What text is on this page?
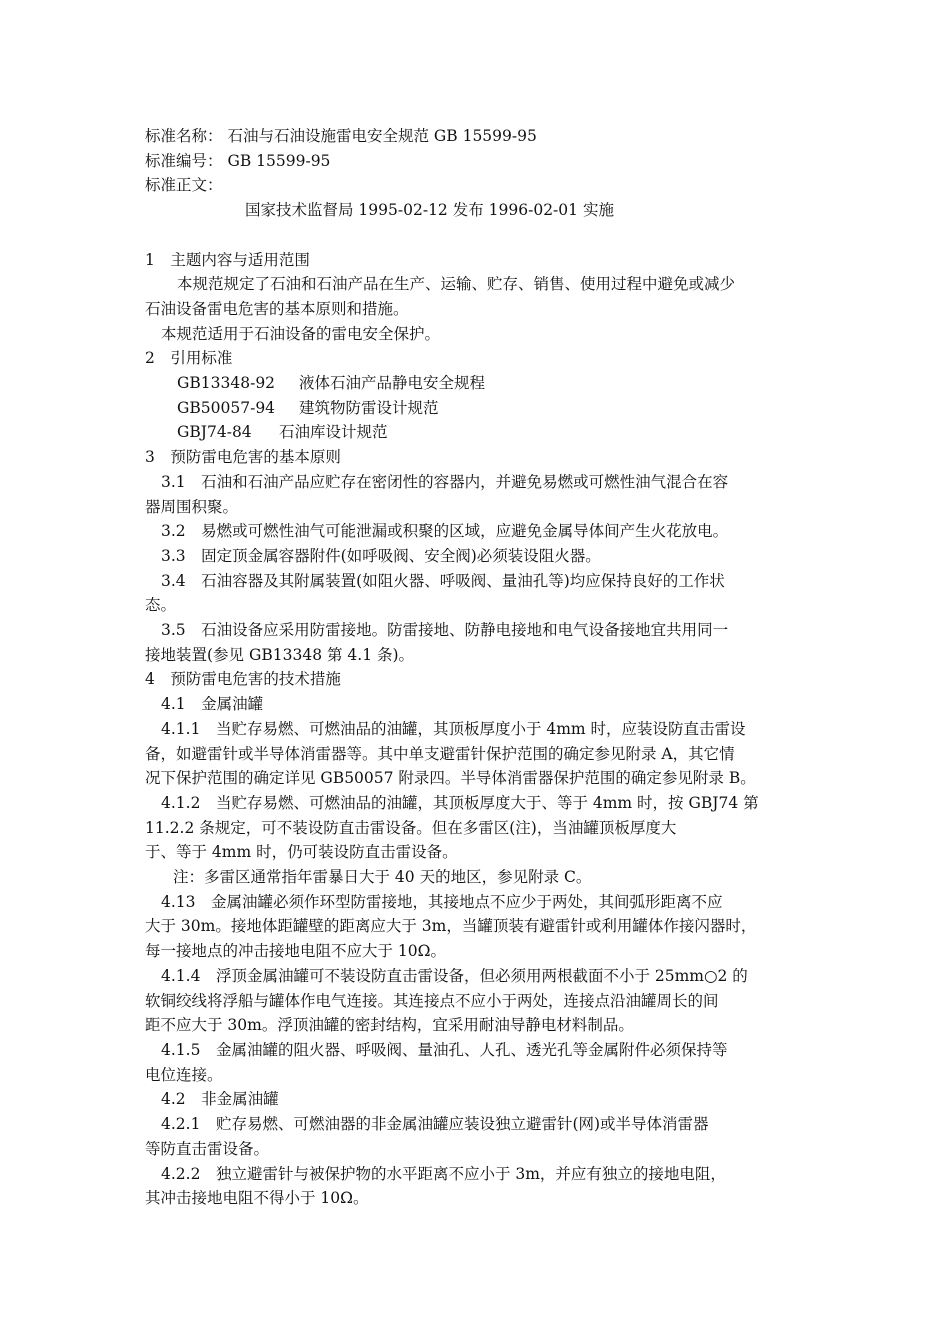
标准名称： 石油与石油设施雷电安全规范 GB 15599-95
标准编号： GB 15599-95
标准正文：
国家技术监督局 1995-02-12 发布 1996-02-01 实施
1　主题内容与适用范围
本规范规定了石油和石油产品在生产、运输、贮存、销售、使用过程中避免或减少
石油设备雷电危害的基本原则和措施。
本规范适用于石油设备的雷电安全保护。
2　引用标准
GB13348-92 液体石油产品静电安全规程
GB50057-94 建筑物防雷设计规范
GBJ74-84 石油库设计规范
3　预防雷电危害的基本原则
3.1　石油和石油产品应贮存在密闭性的容器内，并避免易燃或可燃性油气混合在容
器周围积聚。
3.2　易燃或可燃性油气可能泄漏或积聚的区域，应避免金属导体间产生火花放电。
3.3　固定顶金属容器附件(如呼吸阀、安全阀)必须装设阻火器。
3.4　石油容器及其附属装置(如阻火器、呼吸阀、量油孔等)均应保持良好的工作状
态。
3.5　石油设备应采用防雷接地。防雷接地、防静电接地和电气设备接地宜共用同一
接地装置(参见 GB13348 第 4.1 条)。
4　预防雷电危害的技术措施
4.1　金属油罐
4.1.1　当贮存易燃、可燃油品的油罐，其顶板厚度小于 4mm 时，应装设防直击雷设
备，如避雷针或半导体消雷器等。其中单支避雷针保护范围的确定参见附录 A，其它情
况下保护范围的确定详见 GB50057 附录四。半导体消雷器保护范围的确定参见附录 B。
4.1.2　当贮存易燃、可燃油品的油罐，其顶板厚度大于、等于 4mm 时，按 GBJ74 第
11.2.2 条规定，可不装设防直击雷设备。但在多雷区(注)，当油罐顶板厚度大
于、等于 4mm 时，仍可装设防直击雷设备。
注：多雷区通常指年雷暴日大于 40 天的地区，参见附录 C。
4.13　金属油罐必须作环型防雷接地，其接地点不应少于两处，其间弧形距离不应
大于 30m。接地体距罐壁的距离应大于 3m，当罐顶装有避雷针或利用罐体作接闪器时，
每一接地点的冲击接地电阻不应大于 10Ω。
4.1.4　浮顶金属油罐可不装设防直击雷设备，但必须用两根截面不小于 25mm○2 的
软铜绞线将浮船与罐体作电气连接。其连接点不应小于两处，连接点沿油罐周长的间
距不应大于 30m。浮顶油罐的密封结构，宜采用耐油导静电材料制品。
4.1.5　金属油罐的阻火器、呼吸阀、量油孔、人孔、透光孔等金属附件必须保持等
电位连接。
4.2　非金属油罐
4.2.1　贮存易燃、可燃油器的非金属油罐应装设独立避雷针(网)或半导体消雷器
等防直击雷设备。
4.2.2　独立避雷针与被保护物的水平距离不应小于 3m，并应有独立的接地电阻，
其冲击接地电阻不得小于 10Ω。
